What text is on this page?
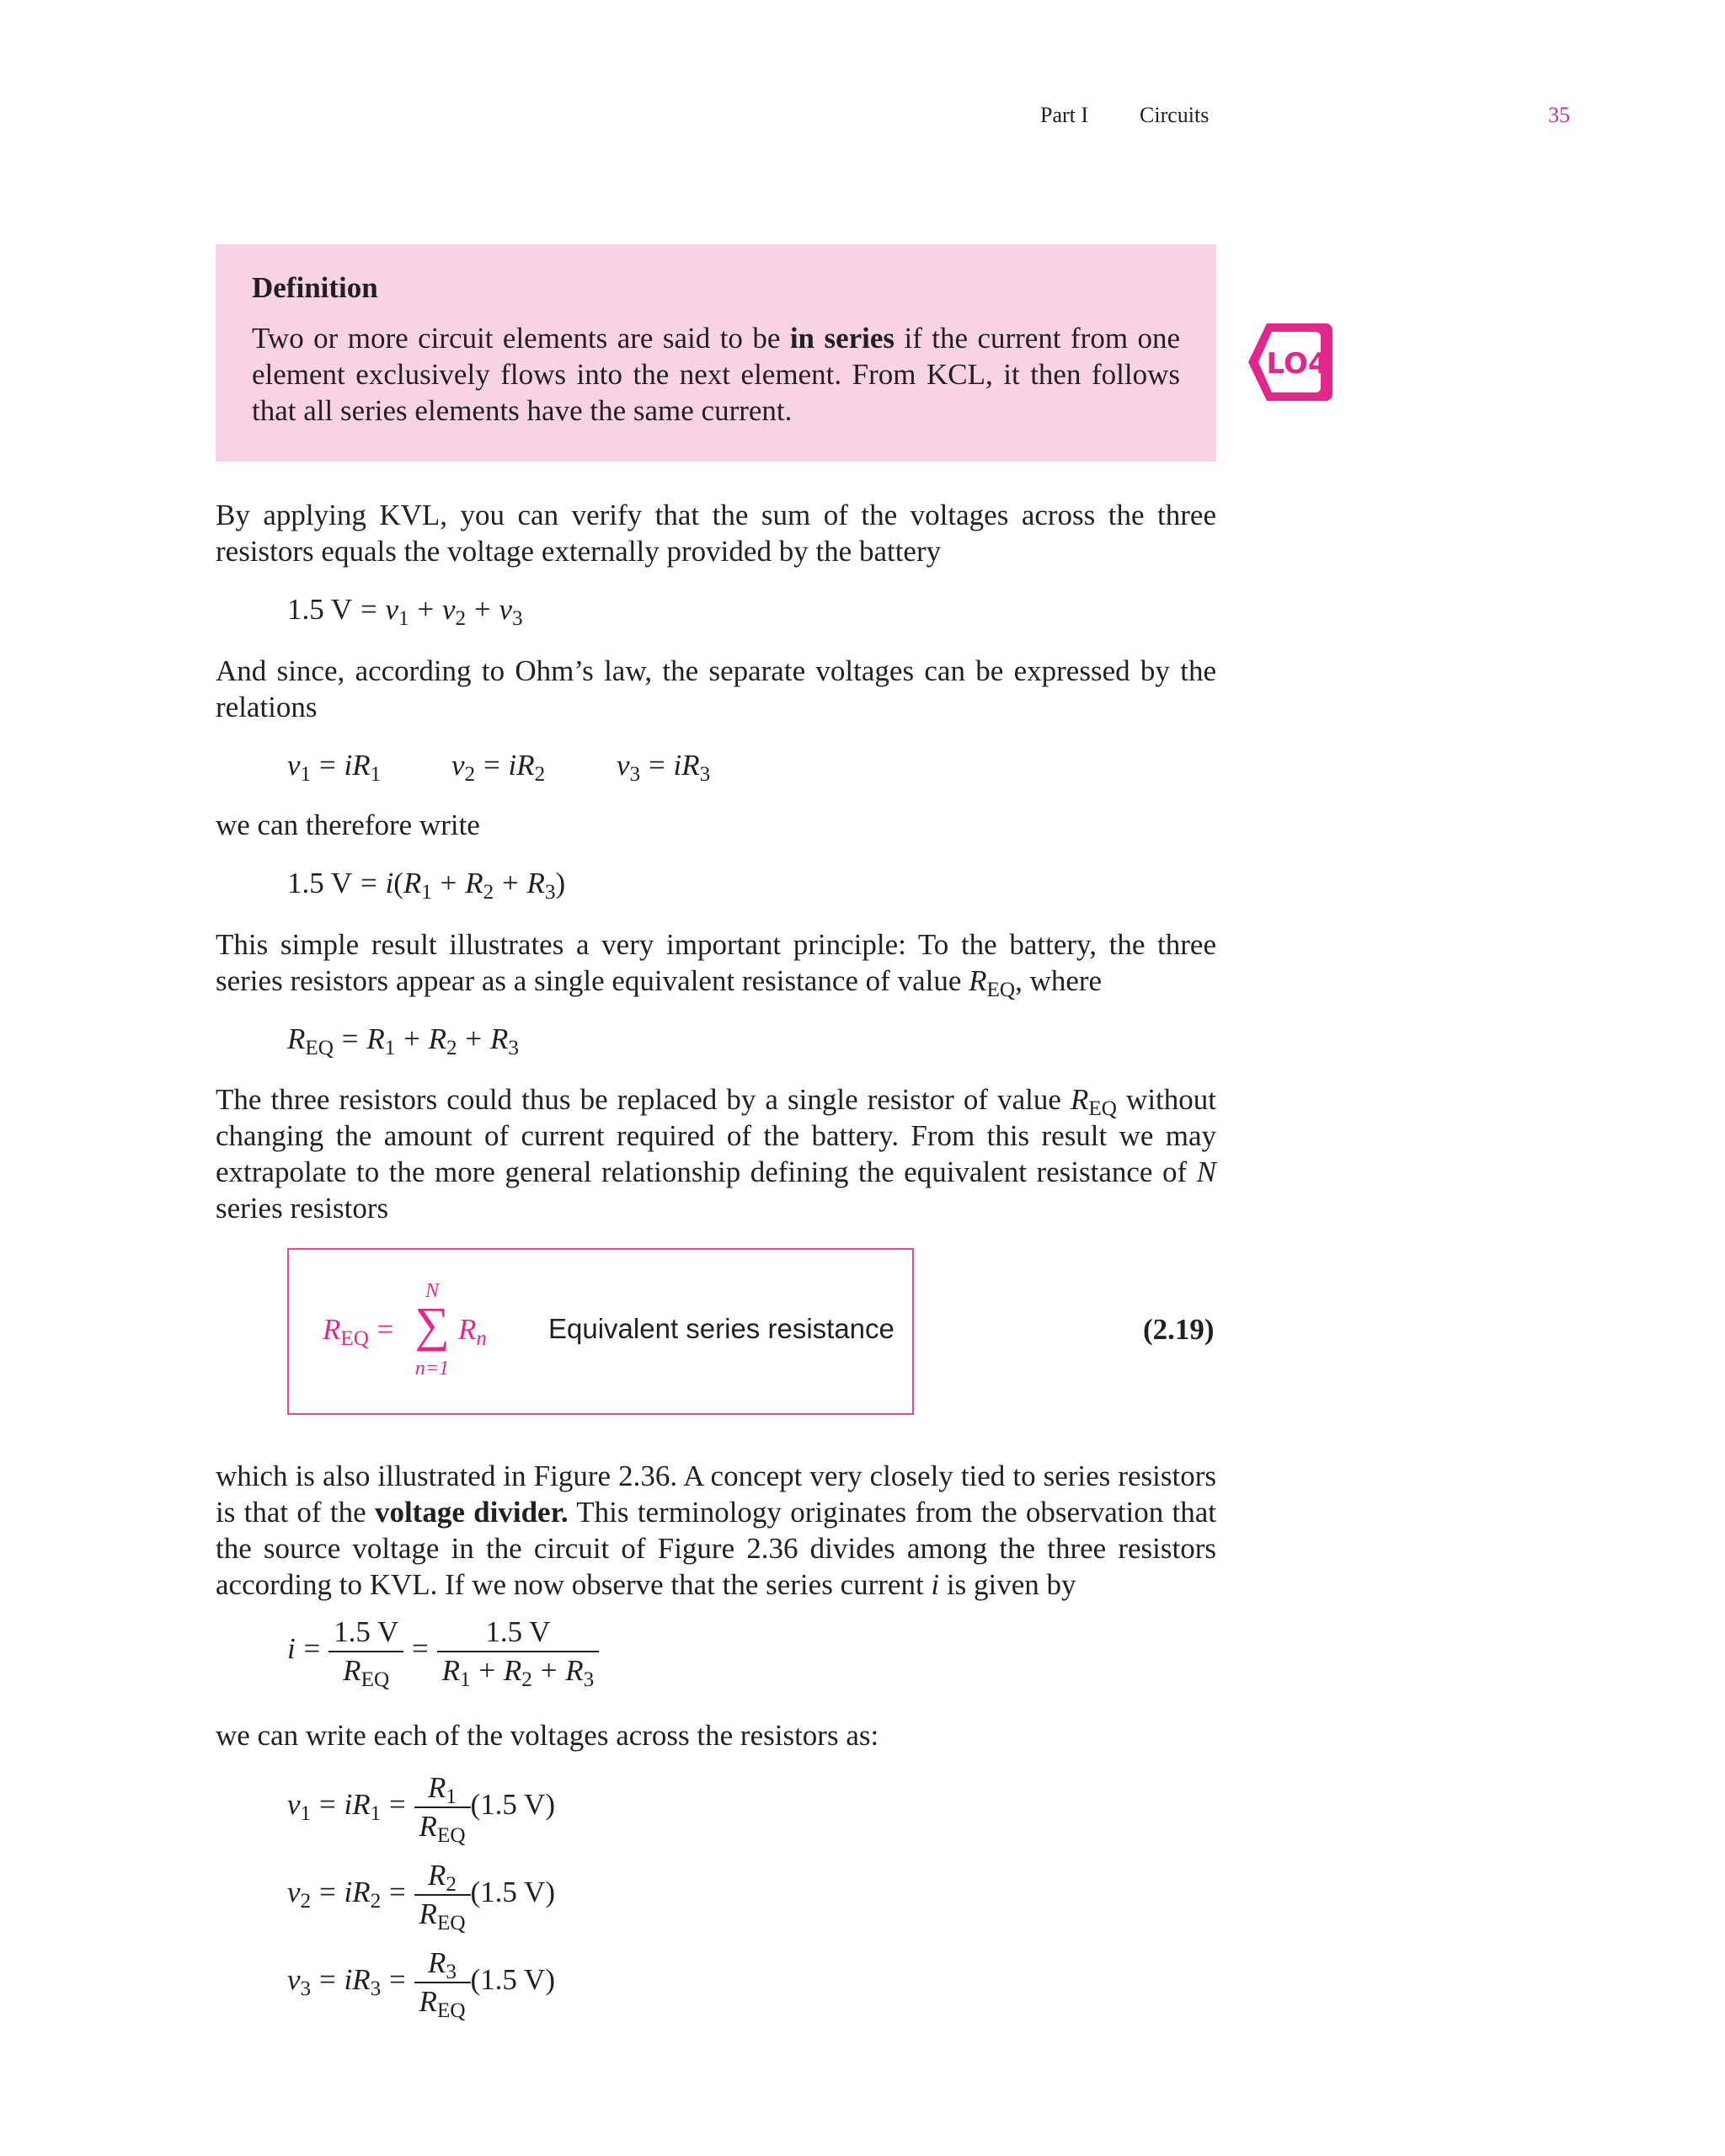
Part I Circuits	35
Definition
Two or more circuit elements are said to be in series if the current from one element exclusively flows into the next element. From KCL, it then follows that all series elements have the same current.
LO4
By applying KVL, you can verify that the sum of the voltages across the three resistors equals the voltage externally provided by the battery
1.5 $V = v_1 + v_2 + v_3$
And since, according to Ohm’s law, the separate voltages can be expressed by the relations
$v_1 = iR_1$ $v_2 = iR_2$ $v_3 = iR_3$
we can therefore write
1.5 $V = i(R_1 + R_2 + R_3)$
This simple result illustrates a very important principle: To the battery, the three series resistors appear as a single equivalent resistance of value $R_{EQ}$, where
$R_{EQ} = R_1 + R_2 + R_3$
The three resistors could thus be replaced by a single resistor of value $R_{EQ}$ without changing the amount of current required of the battery. From this result we may extrapolate to the more general relationship defining the equivalent resistance of N series resistors
$R_{EQ}$ =
N
∑
n=1
$R_n$ Equivalent series resistance	(2.19)
which is also illustrated in Figure 2.36. A concept very closely tied to series resistors is that of the voltage divider. This terminology originates from the observation that the source voltage in the circuit of Figure 2.36 divides among the three resistors according to KVL. If we now observe that the series current i is given by
$i = \frac{1.5 V}{R_{EQ}} = \frac{1.5 V}{R_1 + R_2 + R_3}$
we can write each of the voltages across the resistors as:
$v_1 = iR_1 = \frac{R_1}{R_{EQ}} (1.5$ V)
$v_2 = iR_2 = \frac{R_2}{R_{EQ}} (1.5$ V)
$v_3 = iR_3 = \frac{R_3}{R_{EQ}} (1.5$ V)
